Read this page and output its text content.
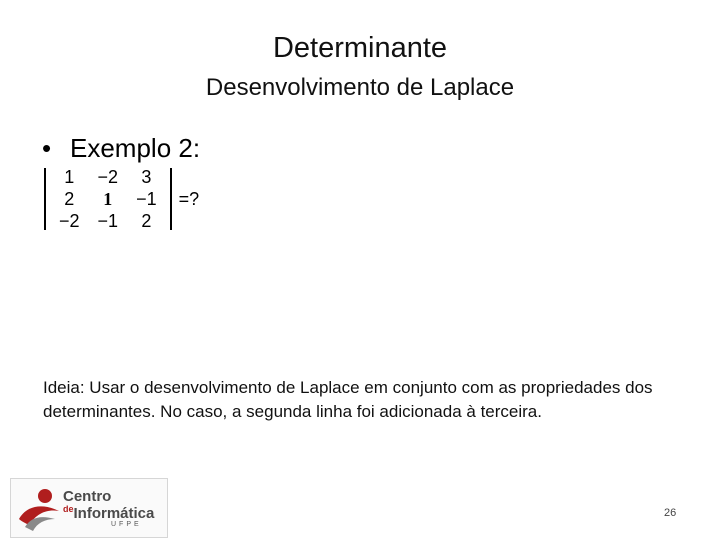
Determinante
Desenvolvimento de Laplace
• Exemplo 2:
1	−2	3
2	1	−1
−2	−1	2
=?
Ideia: Usar o desenvolvimento de Laplace em conjunto com as propriedades dos determinantes. No caso, a segunda linha foi adicionada à terceira.
Centro
$^{de}$Informática
UFPE
26
